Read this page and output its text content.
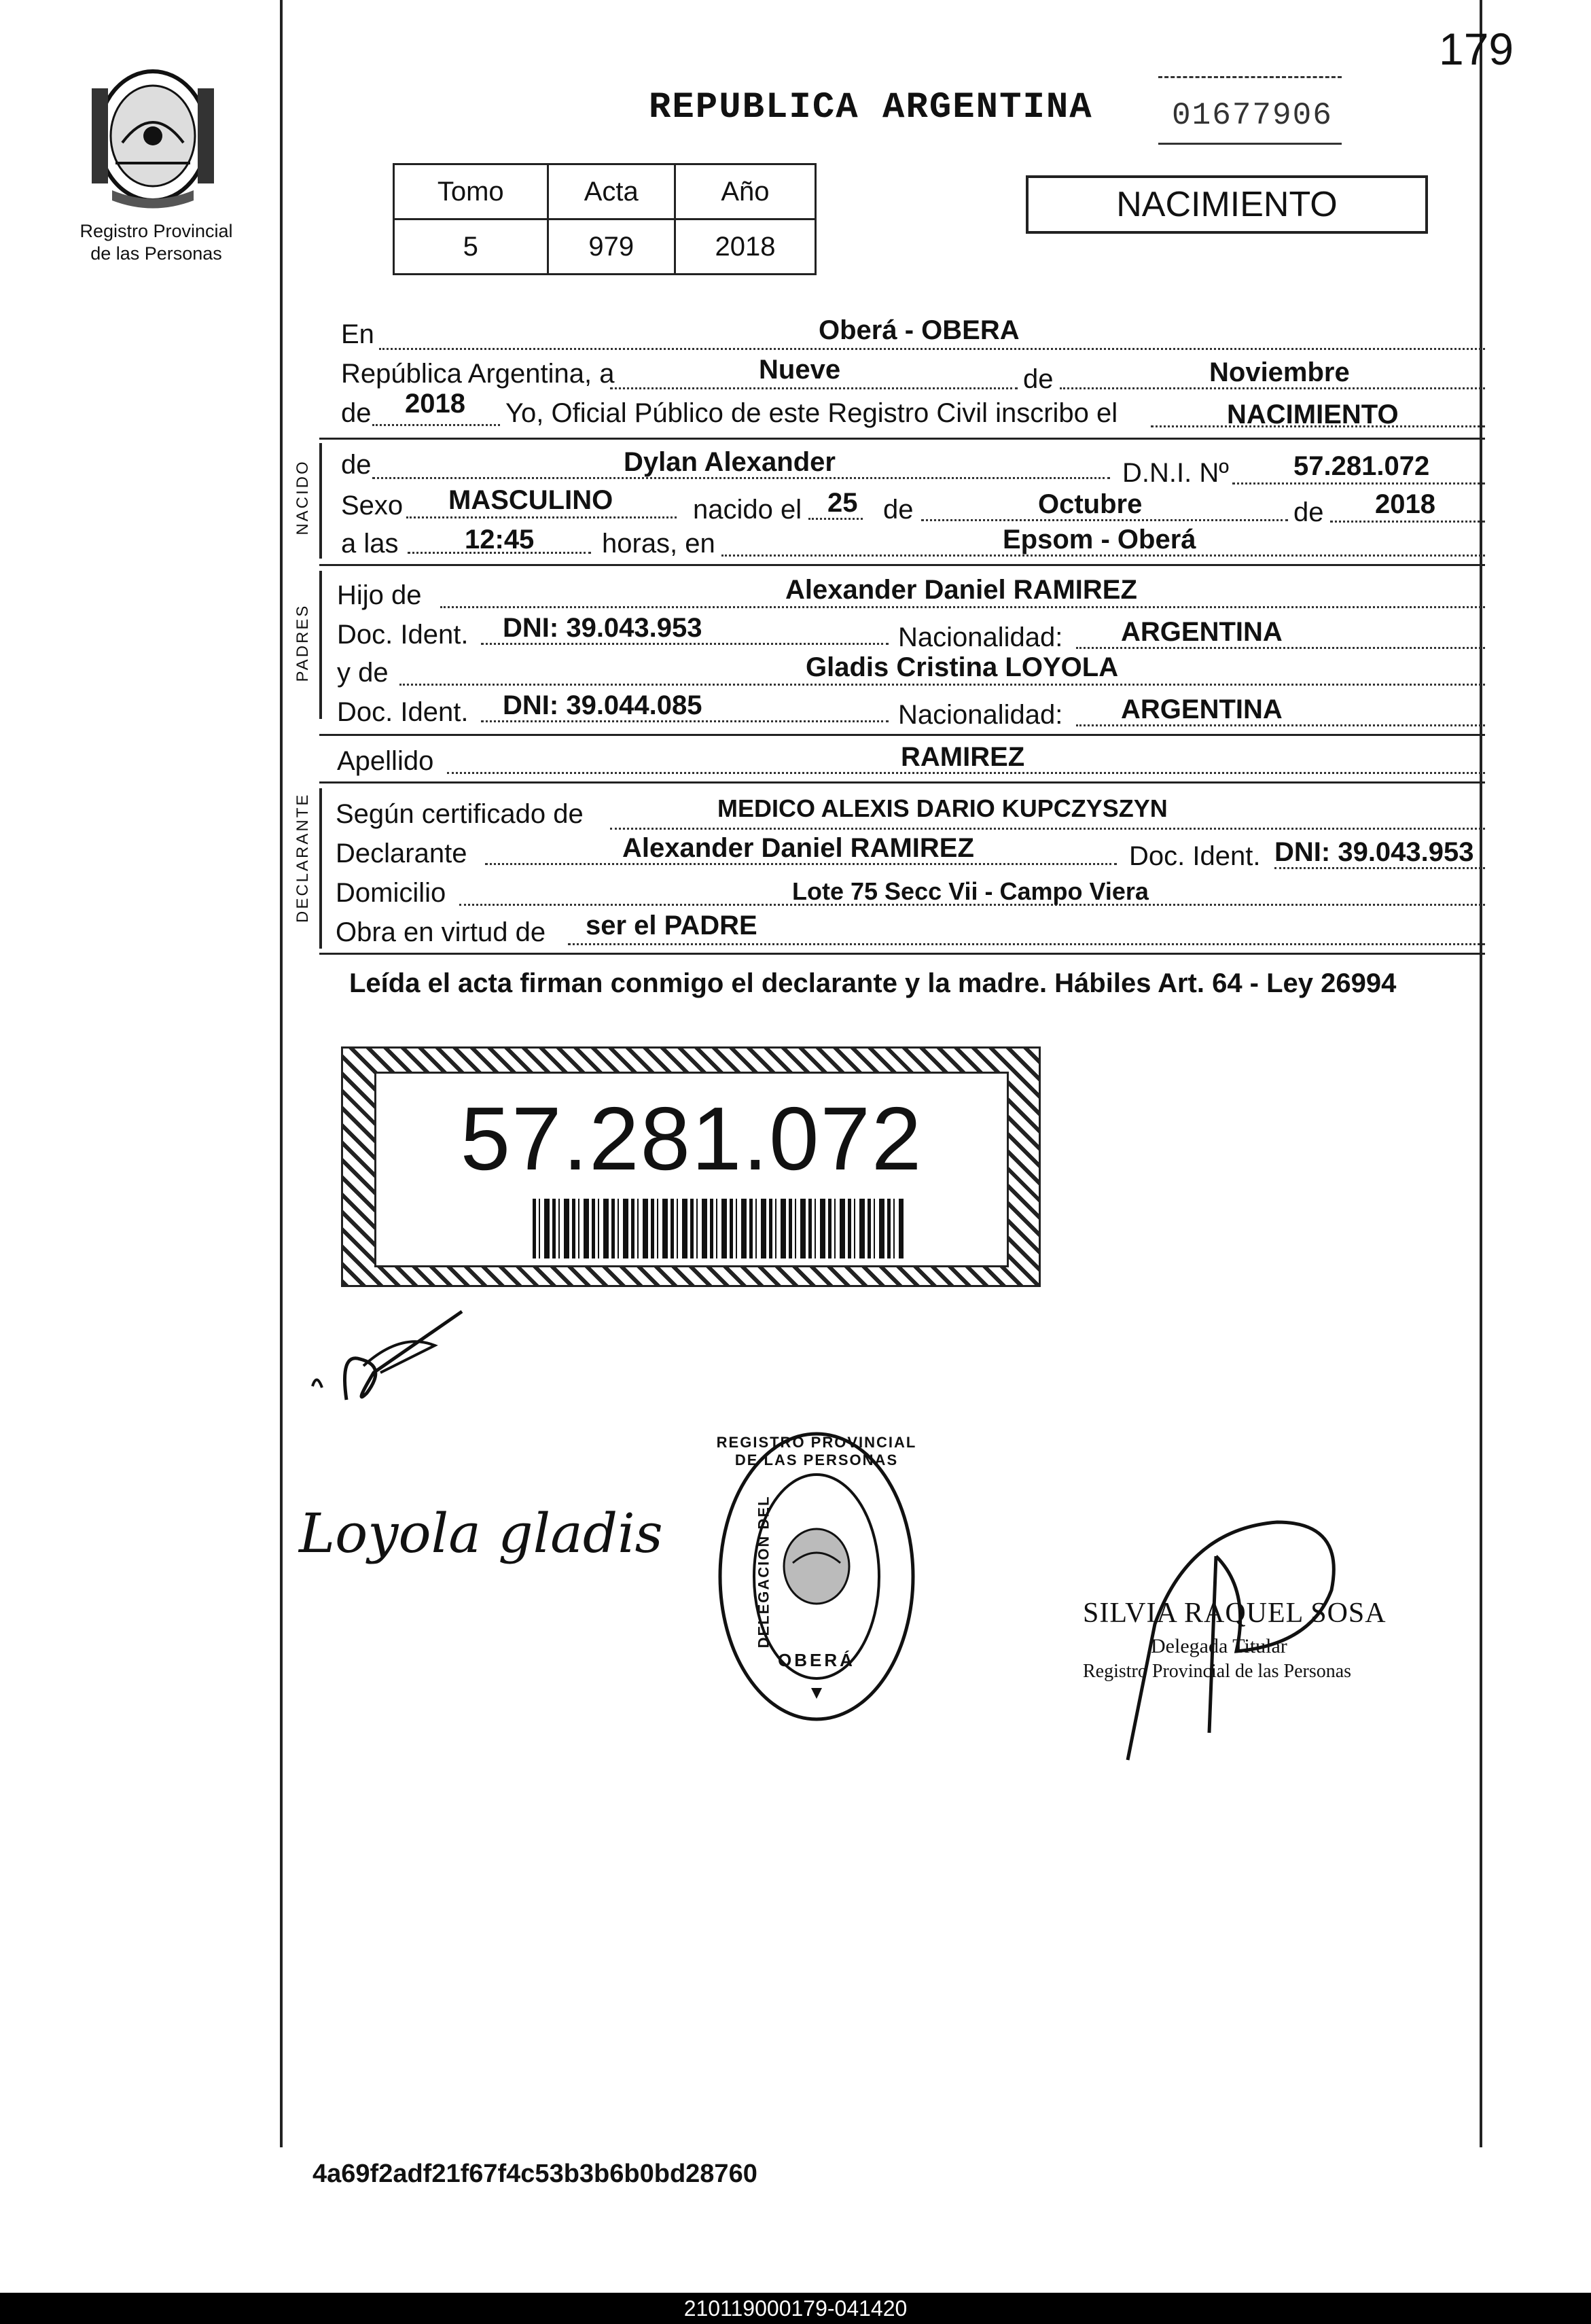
179
Registro Provincial
de las Personas
REPUBLICA ARGENTINA	01677906
Tomo	Acta	Año
5	979	2018
NACIMIENTO
En	Oberá - OBERA
República Argentina, a	Nueve	de	Noviembre
de 2018 Yo, Oficial Público de este Registro Civil inscribo el	NACIMIENTO
NACIDO de	Dylan Alexander	D.N.I. Nº 57.281.072
Sexo MASCULINO	nacido el 25 de	Octubre	de 2018
a las 12:45 horas, en	Epsom - Oberá
PADRES
Hijo de	Alexander Daniel RAMIREZ
Doc. Ident. DNI: 39.043.953	Nacionalidad: ARGENTINA
y de	Gladis Cristina LOYOLA
Doc. Ident. DNI: 39.044.085	Nacionalidad: ARGENTINA
Apellido	RAMIREZ
DECLARANTE Según certificado de	MEDICO ALEXIS DARIO KUPCZYSZYN
Declarante	Alexander Daniel RAMIREZ	Doc. Ident. DNI: 39.043.953
Domicilio	Lote 75 Secc Vii - Campo Viera
Obra en virtud de ser el PADRE
Leída el acta firman conmigo el declarante y la madre. Hábiles Art. 64 - Ley 26994
57.281.072
Loyola gladis
REGISTRO PROVINCIAL DE LAS PERSONAS
DELEGACION DEL
OBERÁ
SILVIA RAQUEL SOSA
Delegada Titular
Registro Provincial de las Personas
4a69f2adf21f67f4c53b3b6b0bd28760
210119000179-041420
